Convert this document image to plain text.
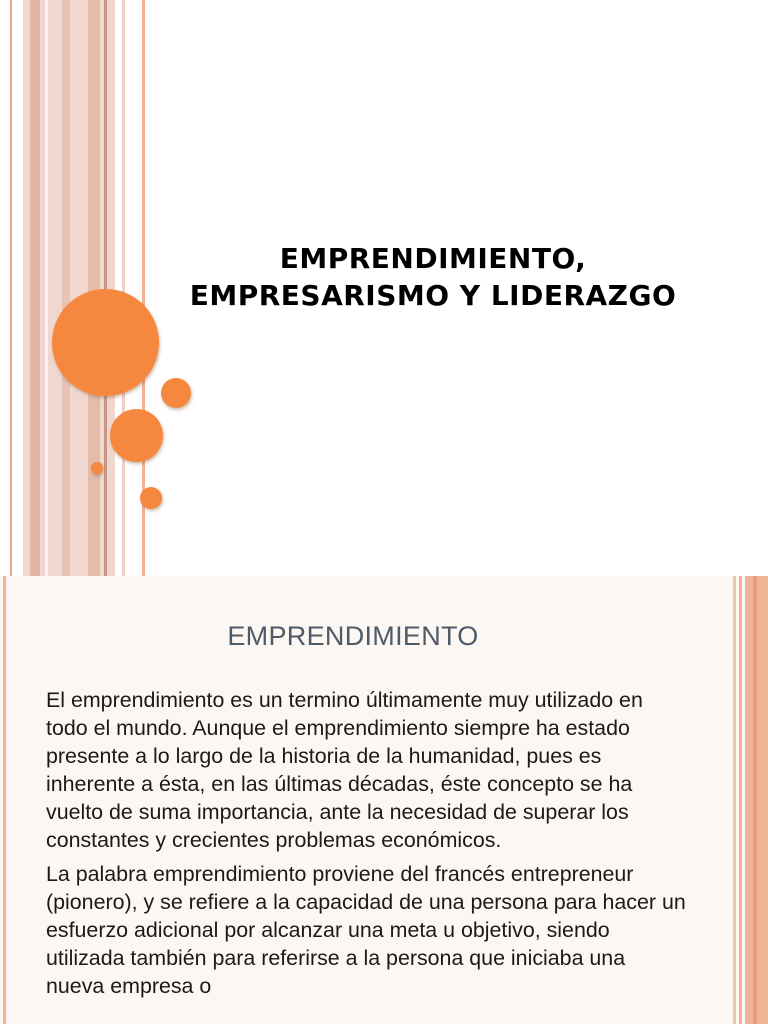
EMPRENDIMIENTO,
EMPRESARISMO Y LIDERAZGO
EMPRENDIMIENTO

El emprendimiento es un termino últimamente muy utilizado en todo el mundo. Aunque el emprendimiento siempre ha estado presente a lo largo de la historia de la humanidad, pues es inherente a ésta, en las últimas décadas, éste concepto se ha vuelto de suma importancia, ante la necesidad de superar los constantes y crecientes problemas económicos.

La palabra emprendimiento proviene del francés entrepreneur (pionero), y se refiere a la capacidad de una persona para hacer un esfuerzo adicional por alcanzar una meta u objetivo, siendo utilizada también para referirse a la persona que iniciaba una nueva empresa o
